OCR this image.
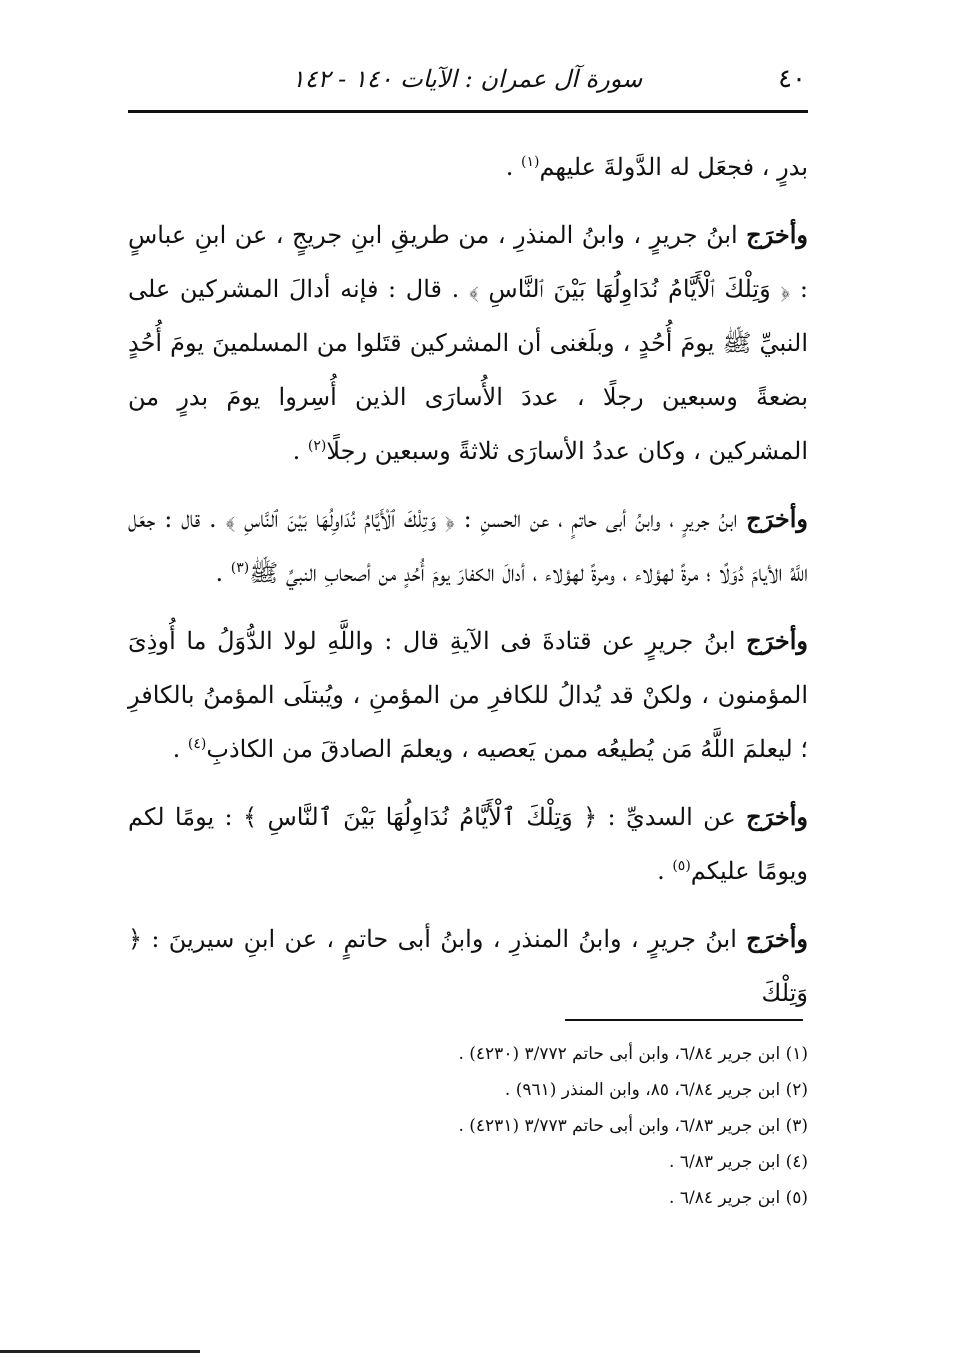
٤٠
سورة آل عمران : الآيات ١٤٠ - ١٤٢

بدرٍ ، فجعَل له الدَّولةَ عليهم$^{(١)}$ .

وأخرَج ابنُ جريرٍ ، وابنُ المنذرِ ، من طريقِ ابنِ جريجٍ ، عن ابنِ عباسٍ : ﴿ وَتِلْكَ ٱلْأَيَّامُ نُدَاوِلُهَا بَيْنَ ٱلنَّاسِ ﴾ . قال : فإنه أدالَ المشركين على النبيِّ ﷺ يومَ أُحُدٍ ، وبلَغنى أن المشركين قتَلوا من المسلمينَ يومَ أُحُدٍ بضعةً وسبعين رجلًا ، عددَ الأُسارَى الذين أُسِروا يومَ بدرٍ من المشركين ، وكان عددُ الأسارَى ثلاثةً وسبعين رجلًا$^{(٢)}$ .

وأخرَج ابنُ جريرٍ ، وابنُ أبى حاتمٍ ، عن الحسنِ : ﴿ وَتِلْكَ ٱلْأَيَّامُ نُدَاوِلُهَا بَيْنَ ٱلنَّاسِ ﴾ . قال : جعَل اللَّهُ الأيامَ دُوَلًا ؛ مرةً لهؤلاء ، ومرةً لهؤلاء ، أدالَ الكفارَ يومَ أُحُدٍ من أصحابِ النبيِّ ﷺ$^{(٣)}$ .

وأخرَج ابنُ جريرٍ عن قتادةَ فى الآيةِ قال : واللَّهِ لولا الدُّوَلُ ما أُوذِىَ المؤمنون ، ولكنْ قد يُدالُ للكافرِ من المؤمنِ ، ويُبتلَى المؤمنُ بالكافرِ ؛ ليعلمَ اللَّهُ مَن يُطيعُه ممن يَعصيه ، ويعلمَ الصادقَ من الكاذبِ$^{(٤)}$ .

وأخرَج عن السديِّ : ﴿ وَتِلْكَ ٱلْأَيَّامُ نُدَاوِلُهَا بَيْنَ ٱلنَّاسِ ﴾ : يومًا لكم ويومًا عليكم$^{(٥)}$ .

وأخرَج ابنُ جريرٍ ، وابنُ المنذرِ ، وابنُ أبى حاتمٍ ، عن ابنِ سيرينَ : ﴿ وَتِلْكَ

(١) ابن جرير ٦/٨٤، وابن أبى حاتم ٣/٧٧٢ (٤٢٣٠) .

(٢) ابن جرير ٦/٨٤، ٨٥، وابن المنذر (٩٦١) .

(٣) ابن جرير ٦/٨٣، وابن أبى حاتم ٣/٧٧٣ (٤٢٣١) .

(٤) ابن جرير ٦/٨٣ .

(٥) ابن جرير ٦/٨٤ .
